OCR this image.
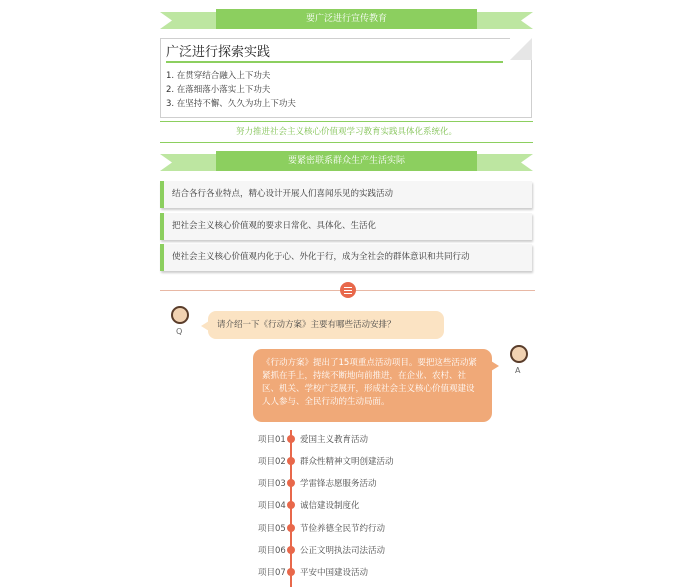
要广泛进行宣传教育
广泛进行探索实践
1. 在贯穿结合融入上下功夫
2. 在落细落小落实上下功夫
3. 在坚持不懈、久久为功上下功夫
努力推进社会主义核心价值观学习教育实践具体化系统化。
要紧密联系群众生产生活实际
结合各行各业特点，精心设计开展人们喜闻乐见的实践活动
把社会主义核心价值观的要求日常化、具体化、生活化
使社会主义核心价值观内化于心、外化于行，成为全社会的群体意识和共同行动
Q
请介绍一下《行动方案》主要有哪些活动安排？
A
《行动方案》提出了15项重点活动项目。要把这些活动紧紧抓在手上，持续不断地向前推进，在企业、农村、社区、机关、学校广泛展开，形成社会主义核心价值观建设人人参与、全民行动的生动局面。
项目01 爱国主义教育活动
项目02 群众性精神文明创建活动
项目03 学雷锋志愿服务活动
项目04 诚信建设制度化
项目05 节俭养德全民节约行动
项目06 公正文明执法司法活动
项目07 平安中国建设活动
